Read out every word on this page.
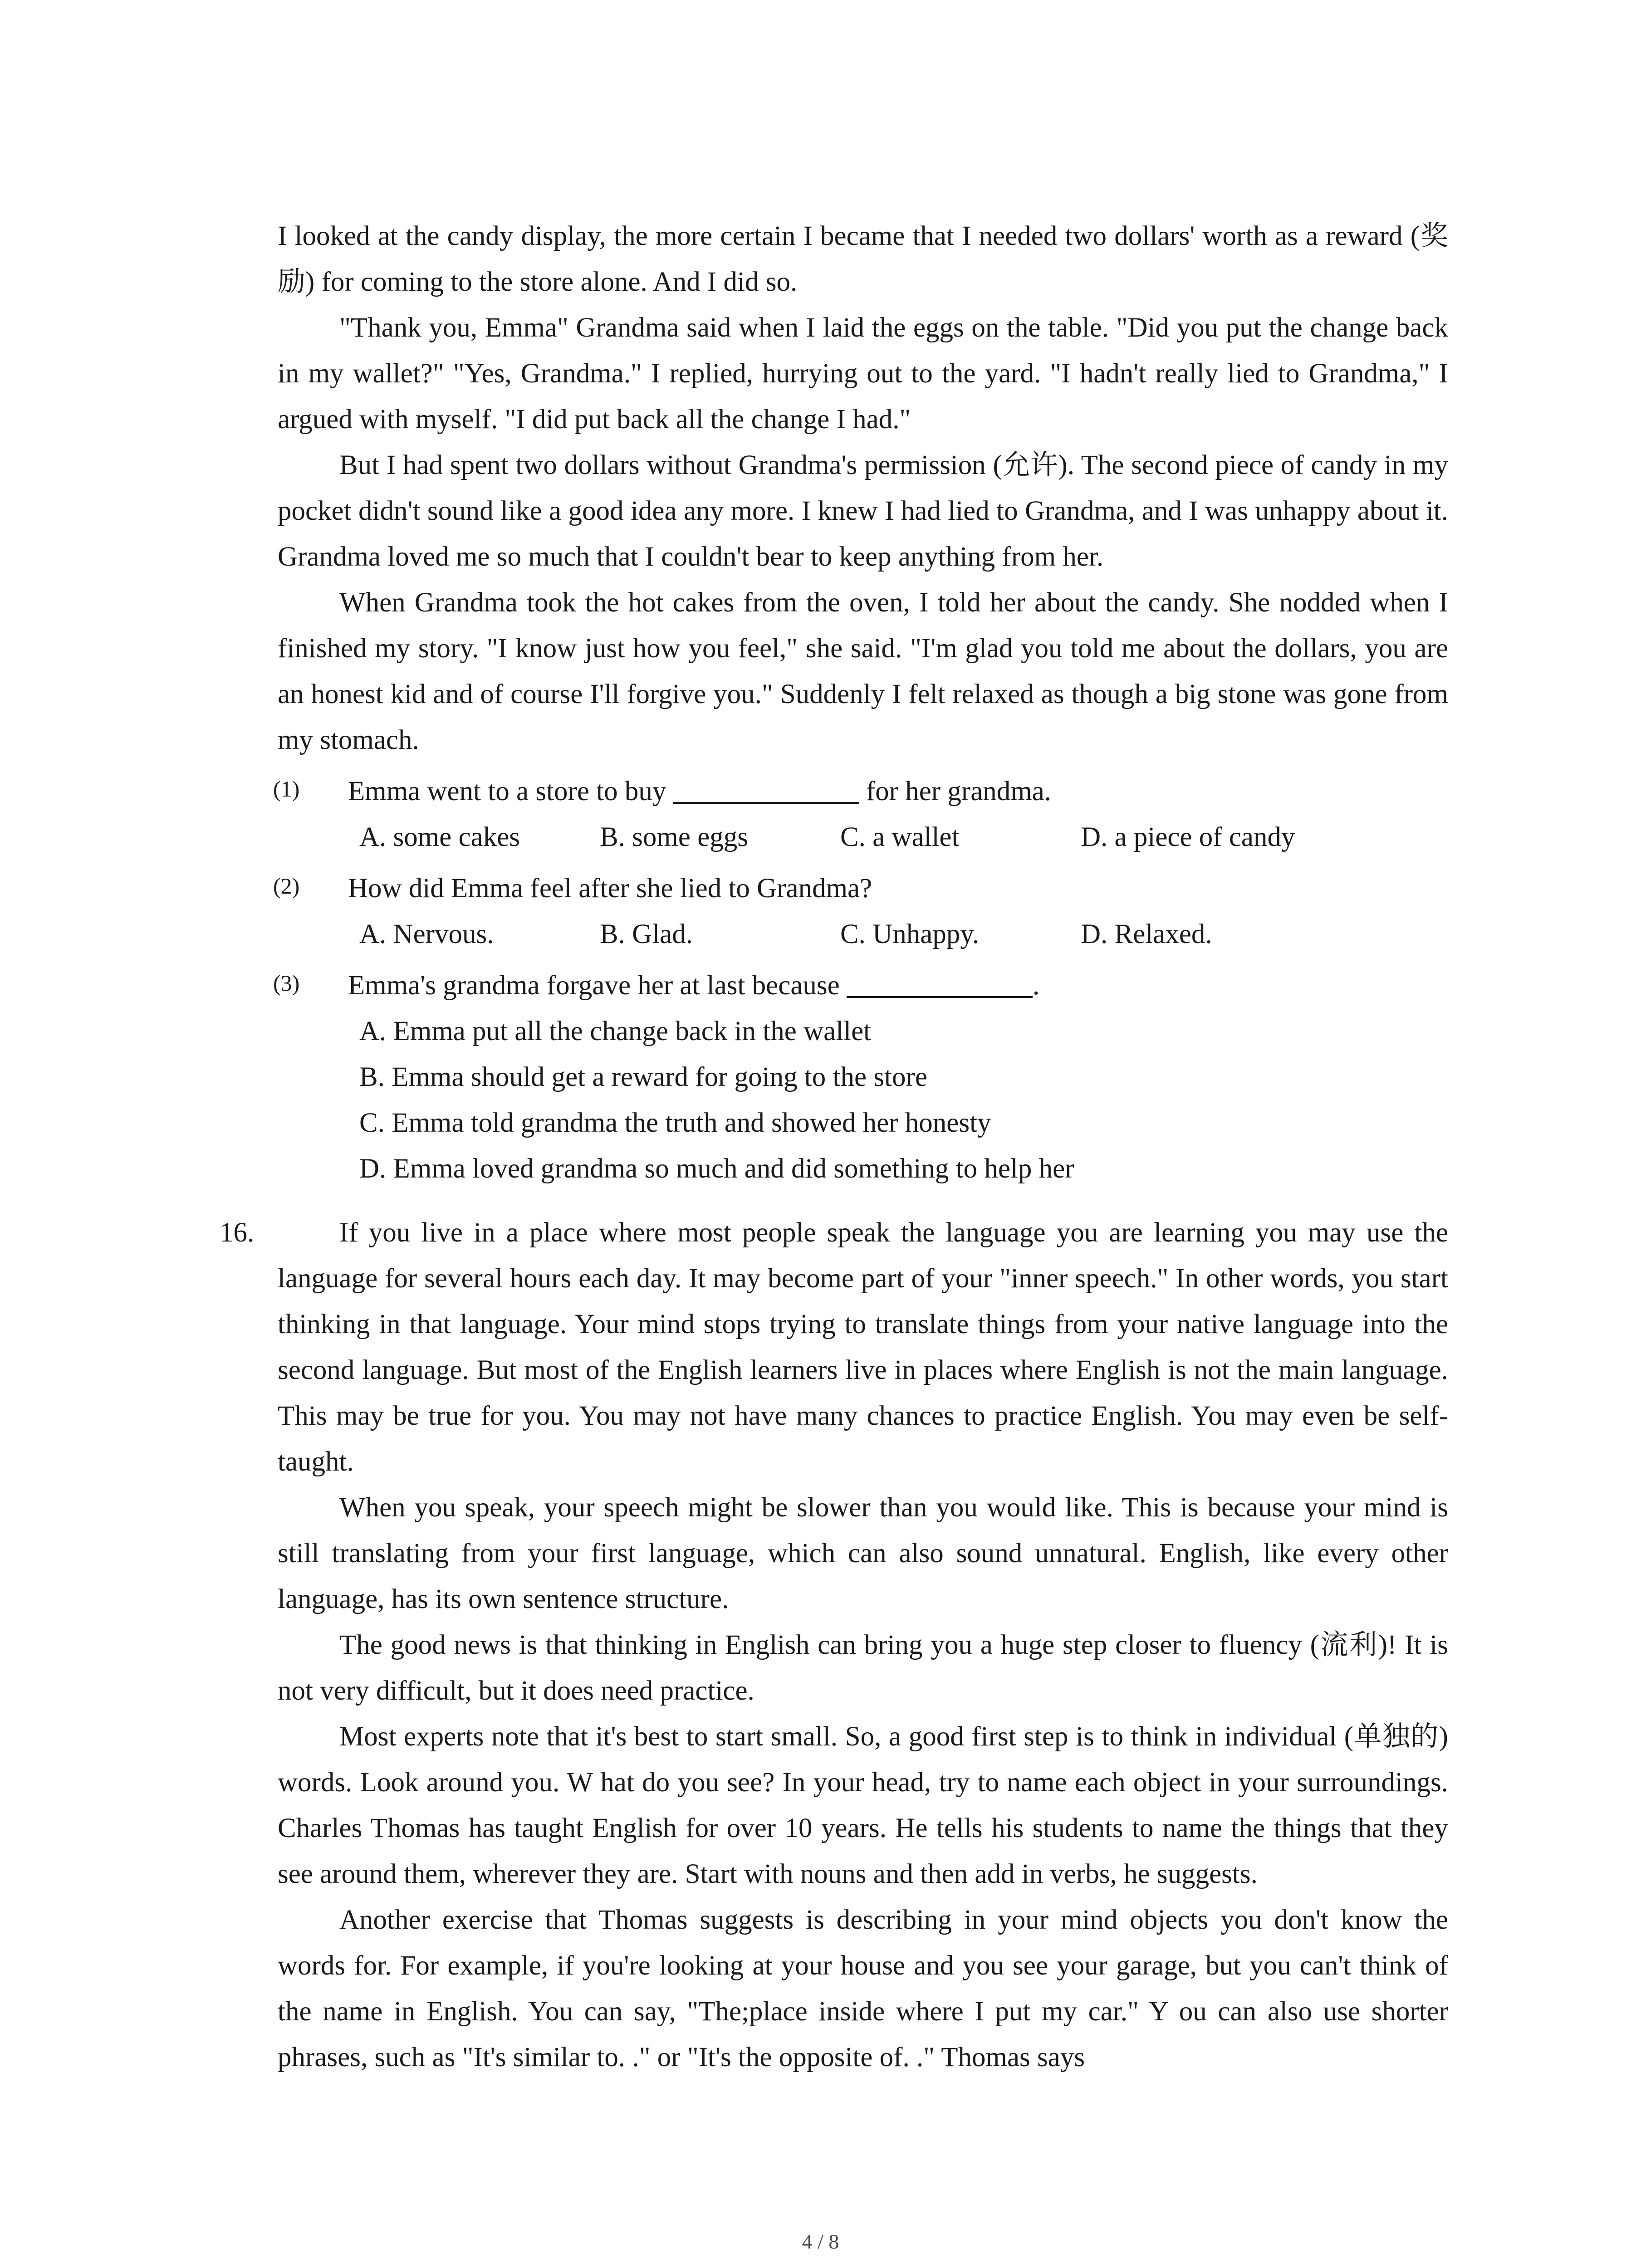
I looked at the candy display, the more certain I became that I needed two dollars' worth as a reward (奖励) for coming to the store alone. And I did so.

"Thank you, Emma" Grandma said when I laid the eggs on the table. "Did you put the change back in my wallet?" "Yes, Grandma." I replied, hurrying out to the yard. "I hadn't really lied to Grandma," I argued with myself. "I did put back all the change I had."

But I had spent two dollars without Grandma's permission (允许). The second piece of candy in my pocket didn't sound like a good idea any more. I knew I had lied to Grandma, and I was unhappy about it. Grandma loved me so much that I couldn't bear to keep anything from her.

When Grandma took the hot cakes from the oven, I told her about the candy. She nodded when I finished my story. "I know just how you feel," she said. "I'm glad you told me about the dollars, you are an honest kid and of course I'll forgive you." Suddenly I felt relaxed as though a big stone was gone from my stomach.

(1)	Emma went to a store to buy	for her grandma.
A. some cakes	B. some eggs	C. a wallet	D. a piece of candy
(2)	How did Emma feel after she lied to Grandma?
A. Nervous.	B. Glad.	C. Unhappy.	D. Relaxed.
(3)	Emma's grandma forgave her at last because	.
A. Emma put all the change back in the wallet
B. Emma should get a reward for going to the store
C. Emma told grandma the truth and showed her honesty
D. Emma loved grandma so much and did something to help her
16.	If you live in a place where most people speak the language you are learning you may use the language for several hours each day. It may become part of your "inner speech." In other words, you start thinking in that language. Your mind stops trying to translate things from your native language into the second language. But most of the English learners live in places where English is not the main language. This may be true for you. You may not have many chances to practice English. You may even be self-taught.

When you speak, your speech might be slower than you would like. This is because your mind is still translating from your first language, which can also sound unnatural. English, like every other language, has its own sentence structure.

The good news is that thinking in English can bring you a huge step closer to fluency (流利)! It is not very difficult, but it does need practice.

Most experts note that it's best to start small. So, a good first step is to think in individual (单独的) words. Look around you. W hat do you see? In your head, try to name each object in your surroundings. Charles Thomas has taught English for over 10 years. He tells his students to name the things that they see around them, wherever they are. Start with nouns and then add in verbs, he suggests.

Another exercise that Thomas suggests is describing in your mind objects you don't know the words for. For example, if you're looking at your house and you see your garage, but you can't think of the name in English. You can say, "The;place inside where I put my car." Y ou can also use shorter phrases, such as "It's similar to. ." or "It's the opposite of. ." Thomas says

4 / 8
